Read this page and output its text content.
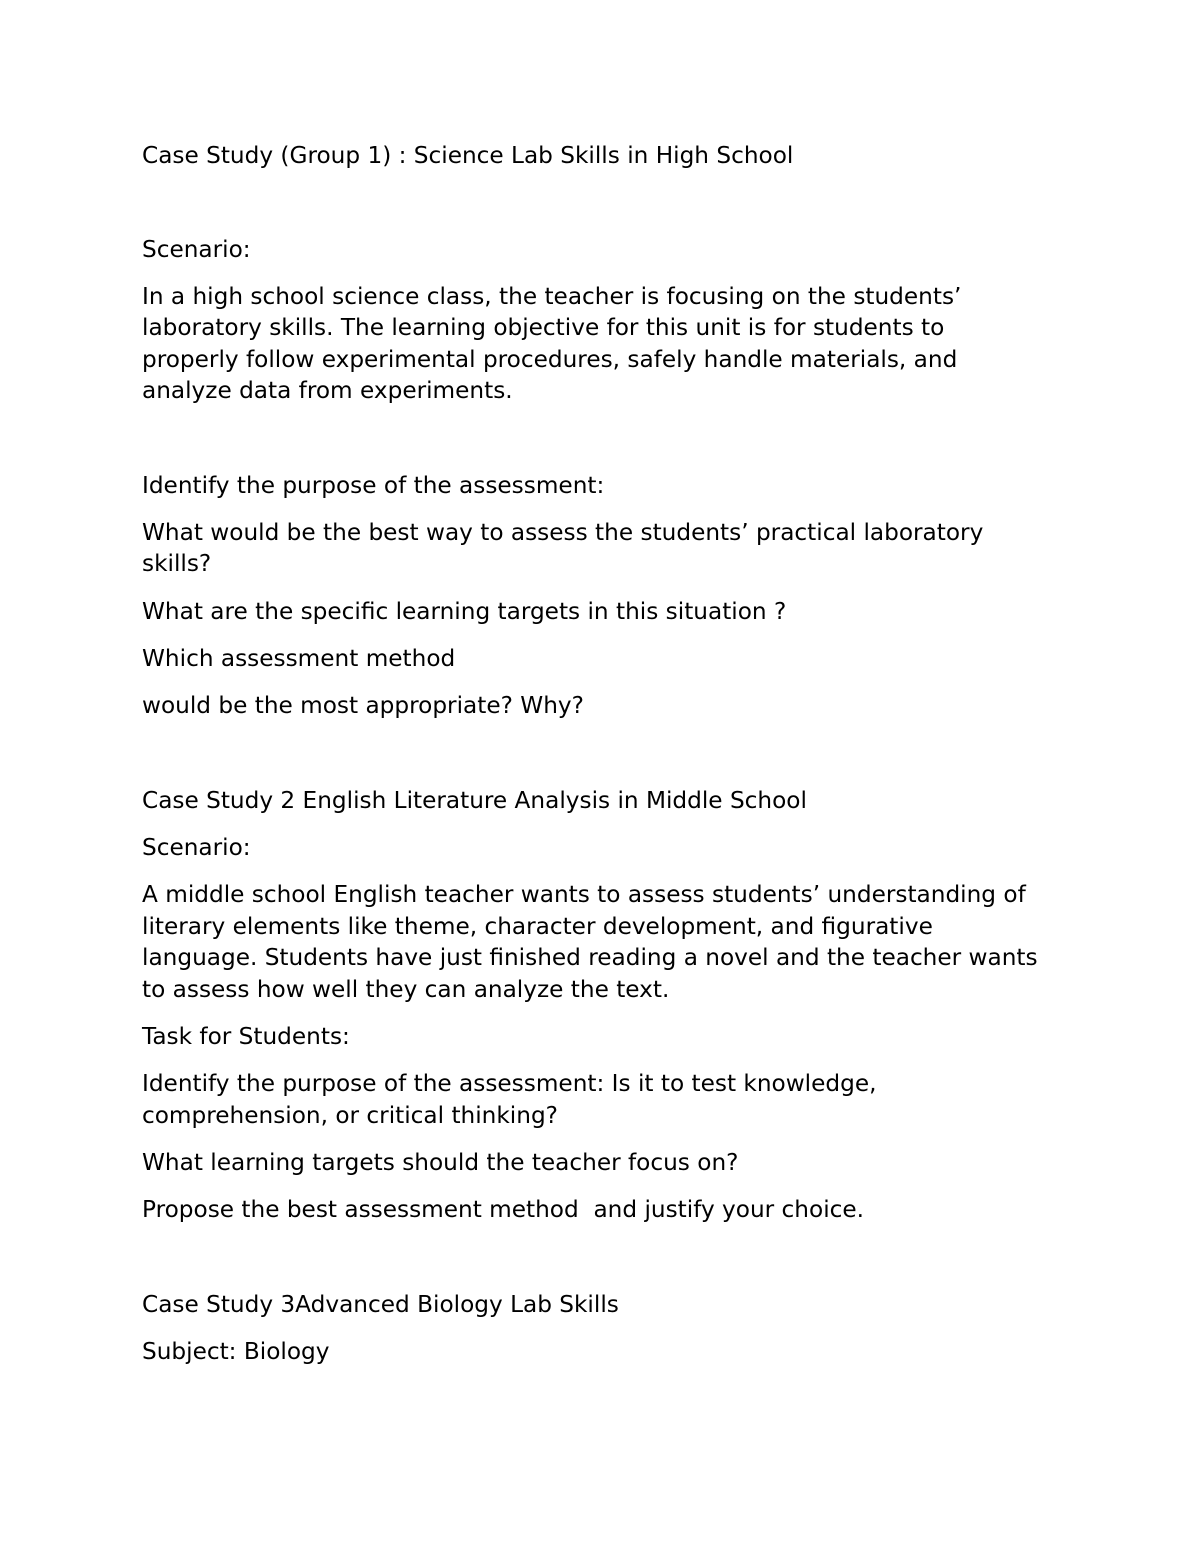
Case Study (Group 1) : Science Lab Skills in High School

Scenario:

In a high school science class, the teacher is focusing on the students’

laboratory skills. The learning objective for this unit is for students to

properly follow experimental procedures, safely handle materials, and

analyze data from experiments.

Identify the purpose of the assessment:

What would be the best way to assess the students’ practical laboratory

skills?

What are the specific learning targets in this situation ?

Which assessment method

would be the most appropriate? Why?

Case Study 2 English Literature Analysis in Middle School

Scenario:

A middle school English teacher wants to assess students’ understanding of

literary elements like theme, character development, and figurative

language. Students have just finished reading a novel and the teacher wants

to assess how well they can analyze the text.

Task for Students:

Identify the purpose of the assessment: Is it to test knowledge,

comprehension, or critical thinking?

What learning targets should the teacher focus on?

Propose the best assessment method  and justify your choice.

Case Study 3Advanced Biology Lab Skills

Subject: Biology
